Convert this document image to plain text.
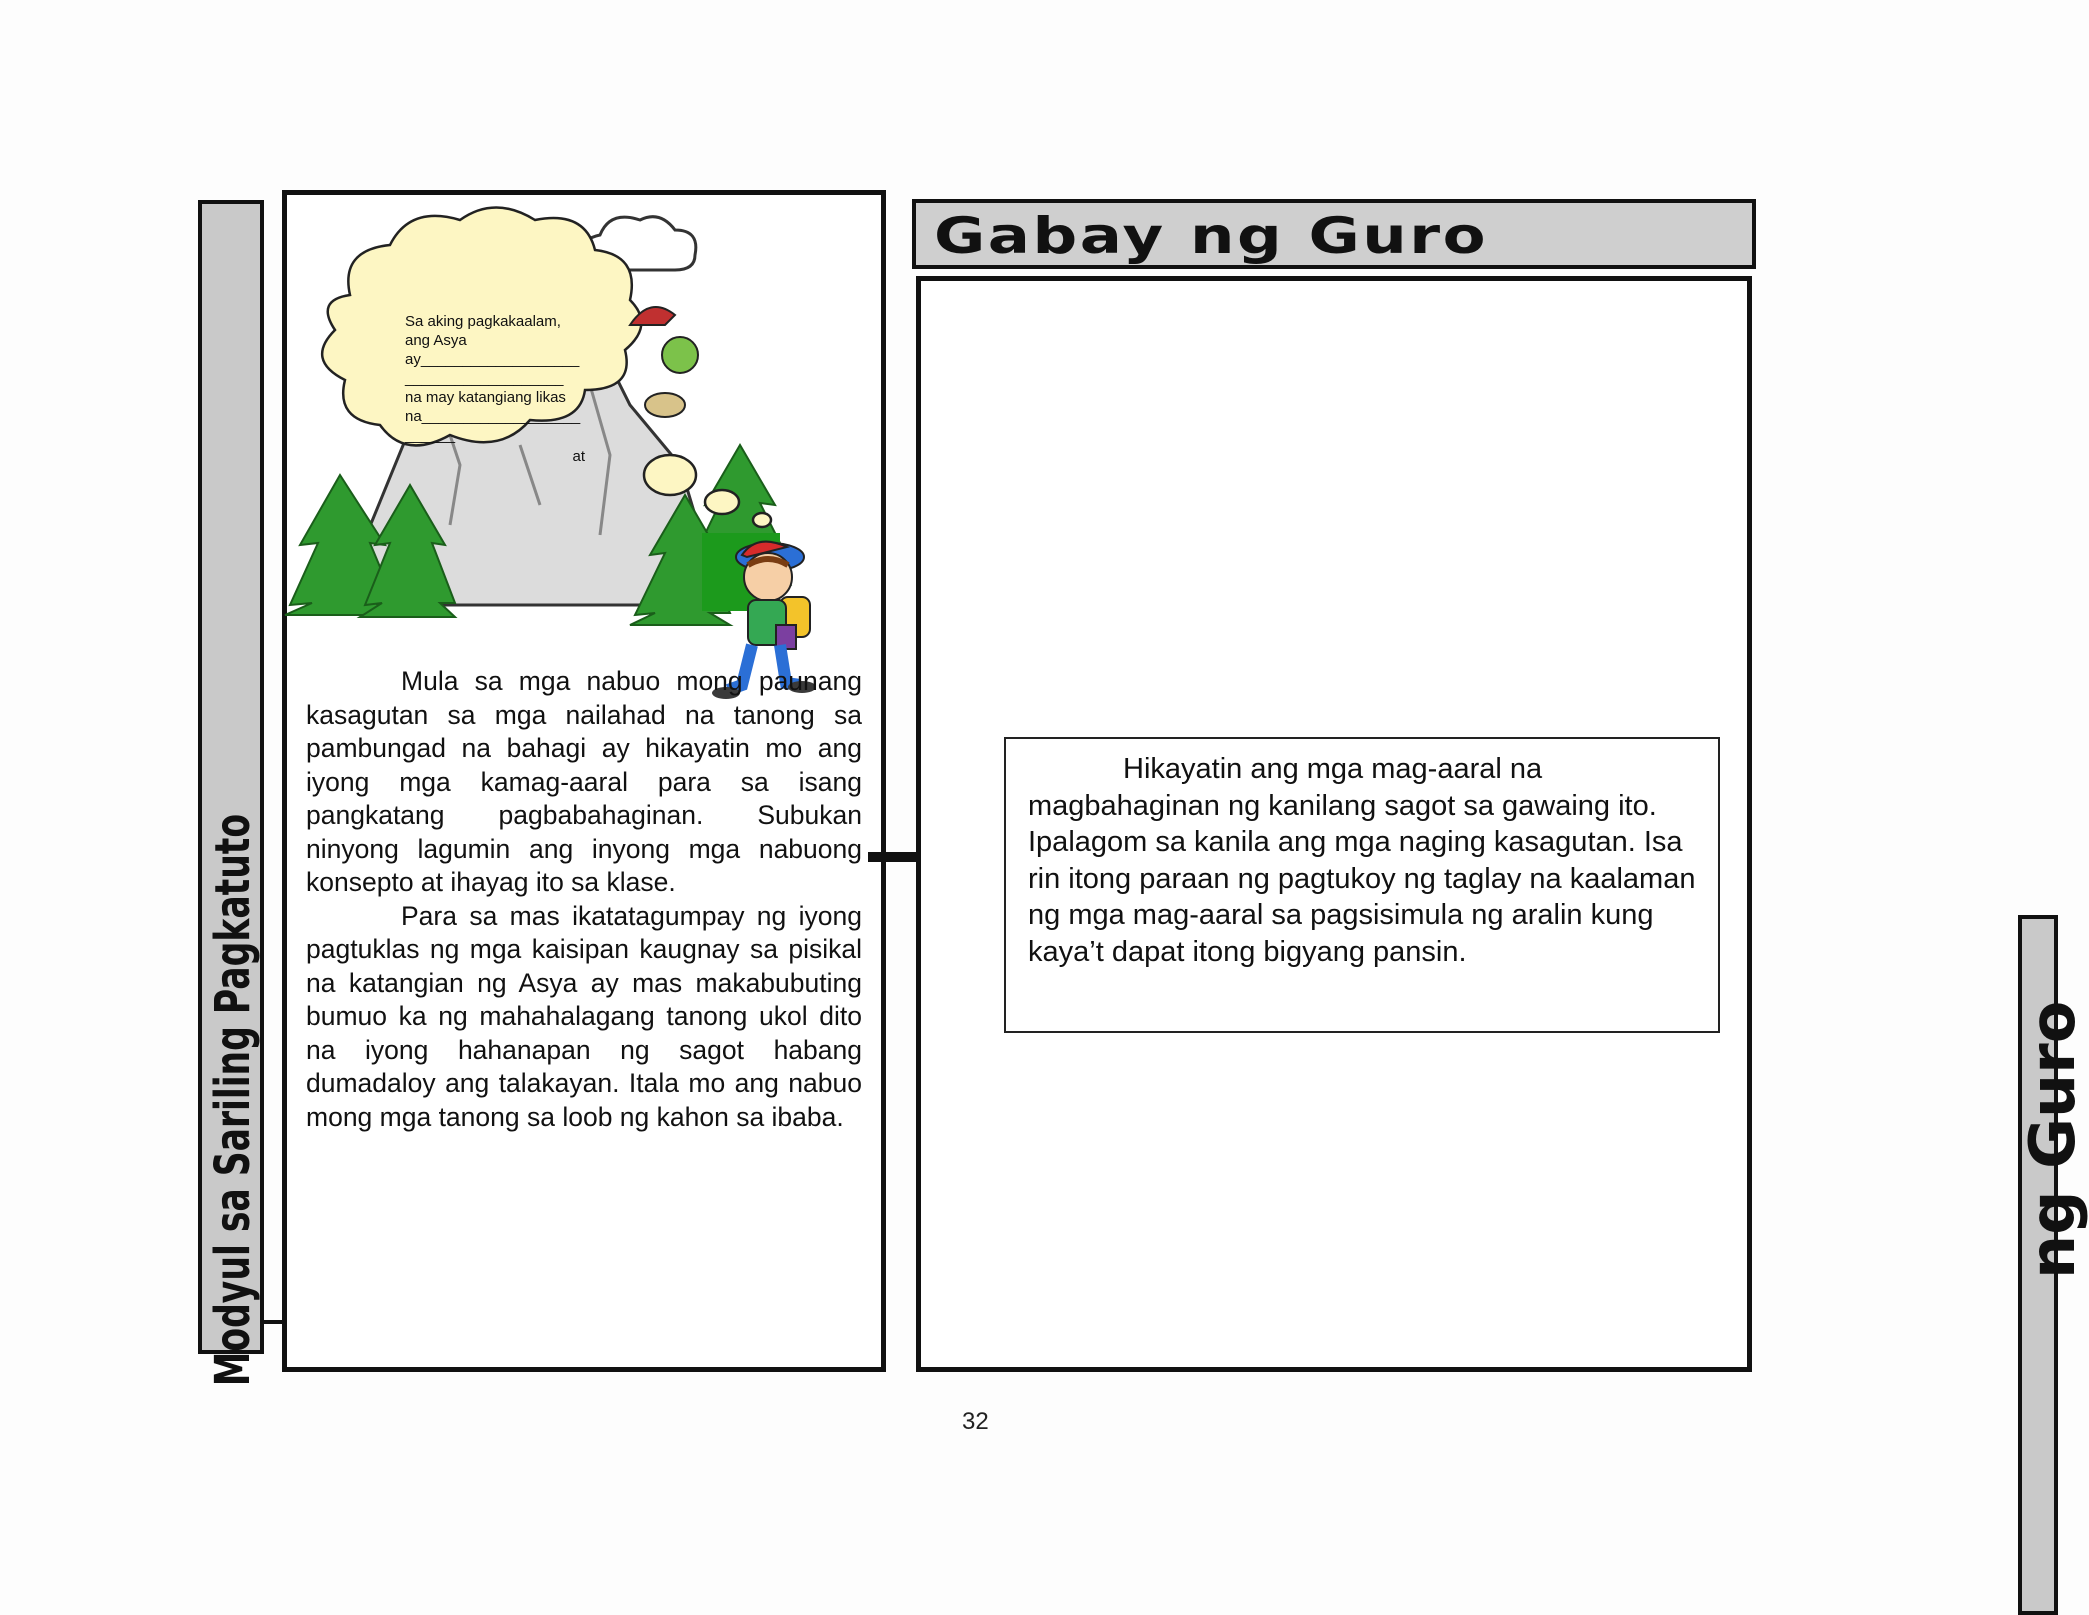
Modyul sa Sariling Pagkatuto
Sa aking pagkakaalam,
ang Asya
ay___________________
___________________
na may katangiang likas
na___________________
______
at

Mula sa mga nabuo mong paunang kasagutan sa mga nailahad na tanong sa pambungad na bahagi ay hikayatin mo ang iyong mga kamag-aaral para sa isang pangkatang pagbabahaginan. Subukan ninyong lagumin ang inyong mga nabuong konsepto at ihayag ito sa klase.

Para sa mas ikatatagumpay ng iyong pagtuklas ng mga kaisipan kaugnay sa pisikal na katangian ng Asya ay mas makabubuting bumuo ka ng mahahalagang tanong ukol dito na iyong hahanapan ng sagot habang dumadaloy ang talakayan. Itala mo ang nabuo mong mga tanong sa loob ng kahon sa ibaba.

Gabay ng Guro

Hikayatin ang mga mag-aaral na magbahaginan ng kanilang sagot sa gawaing ito. Ipalagom sa kanila ang mga naging kasagutan. Isa rin itong paraan ng pagtukoy ng taglay na kaalaman ng mga mag-aaral sa pagsisimula ng aralin kung kaya’t dapat itong bigyang pansin.

32
ng Guro
